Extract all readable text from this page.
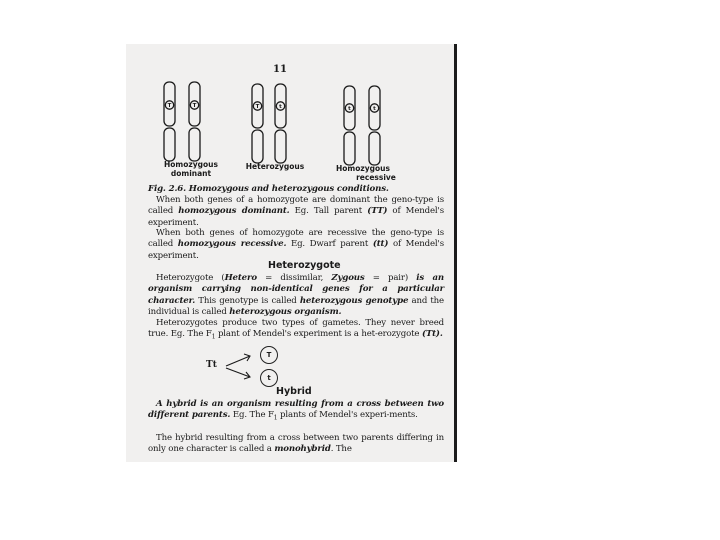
11
T	T	T	t	t	t
Homozygous
dominant
Heterozygous	Homozygous
recessive
Fig. 2.6. Homozygous and heterozygous conditions.
When both genes of a homozygote are dominant the geno-type is called homozygous dominant. Eg. Tall parent (TT) of Mendel's experiment.
When both genes of homozygote are recessive the geno-type is called homozygous recessive. Eg. Dwarf parent (tt) of Mendel's experiment.
Heterozygote
Heterozygote (Hetero = dissimilar, Zygous = pair) is an organism carrying non-identical genes for a particular character. This genotype is called heterozygous genotype and the individual is called heterozygous organism.
Heterozygotes produce two types of gametes. They never breed true. Eg. The $F_1$ plant of Mendel's experiment is a het-erozygote (Tt).
Tt
T
t
Hybrid
A hybrid is an organism resulting from a cross between two different parents. Eg. The $F_1$ plants of Mendel's experi-ments.
The hybrid resulting from a cross between two parents differing in only one character is called a monohybrid. The
